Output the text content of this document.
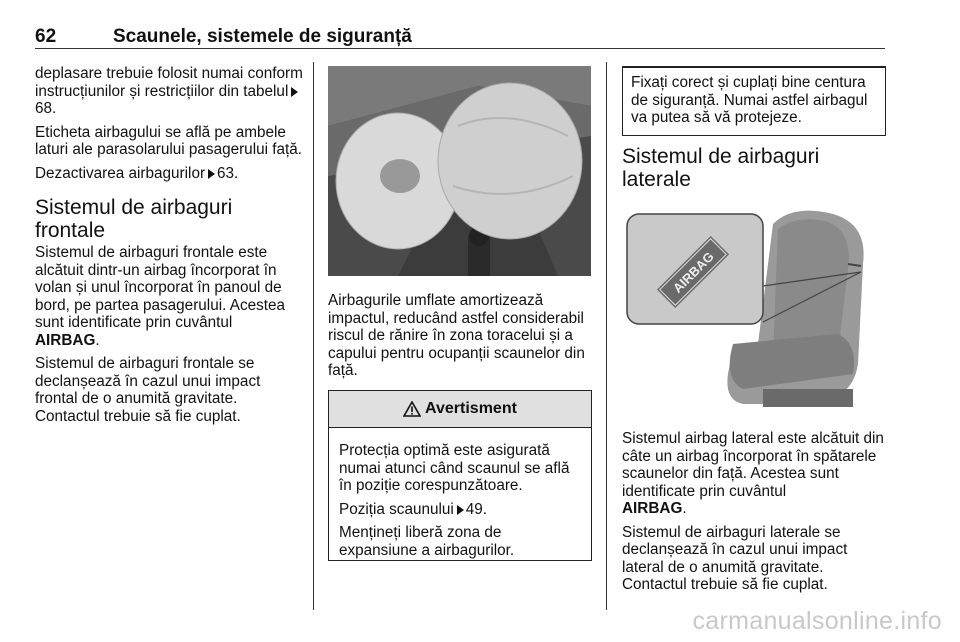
62	Scaunele, sistemele de siguranță

deplasare trebuie folosit numai conform instrucțiunilor și restricțiilor din tabelul68.

Eticheta airbagului se află pe ambele laturi ale parasolarului pasagerului față.

Dezactivarea airbagurilor 63.

Sistemul de airbaguri frontale

Sistemul de airbaguri frontale este alcătuit dintr-un airbag încorporat în volan și unul încorporat în panoul de bord, pe partea pasagerului. Acestea sunt identificate prin cuvântul
AIRBAG.

Sistemul de airbaguri frontale se declanșează în cazul unui impact frontal de o anumită gravitate. Contactul trebuie să fie cuplat.

Airbagurile umflate amortizează impactul, reducând astfel considerabil riscul de rănire în zona toracelui și a capului pentru ocupanții scaunelor din față.

Avertisment

Protecția optimă este asigurată numai atunci când scaunul se află în poziție corespunzătoare.

Poziția scaunului 49.

Mențineți liberă zona de expansiune a airbagurilor.

Fixați corect și cuplați bine centura de siguranță. Numai astfel airbagul va putea să vă protejeze.
Sistemul de airbaguri laterale
AIRBAG

Sistemul airbag lateral este alcătuit din câte un airbag încorporat în spătarele scaunelor din față. Acestea sunt identificate prin cuvântul
AIRBAG.

Sistemul de airbaguri laterale se declanșează în cazul unui impact lateral de o anumită gravitate. Contactul trebuie să fie cuplat.

carmanualsonline.info
